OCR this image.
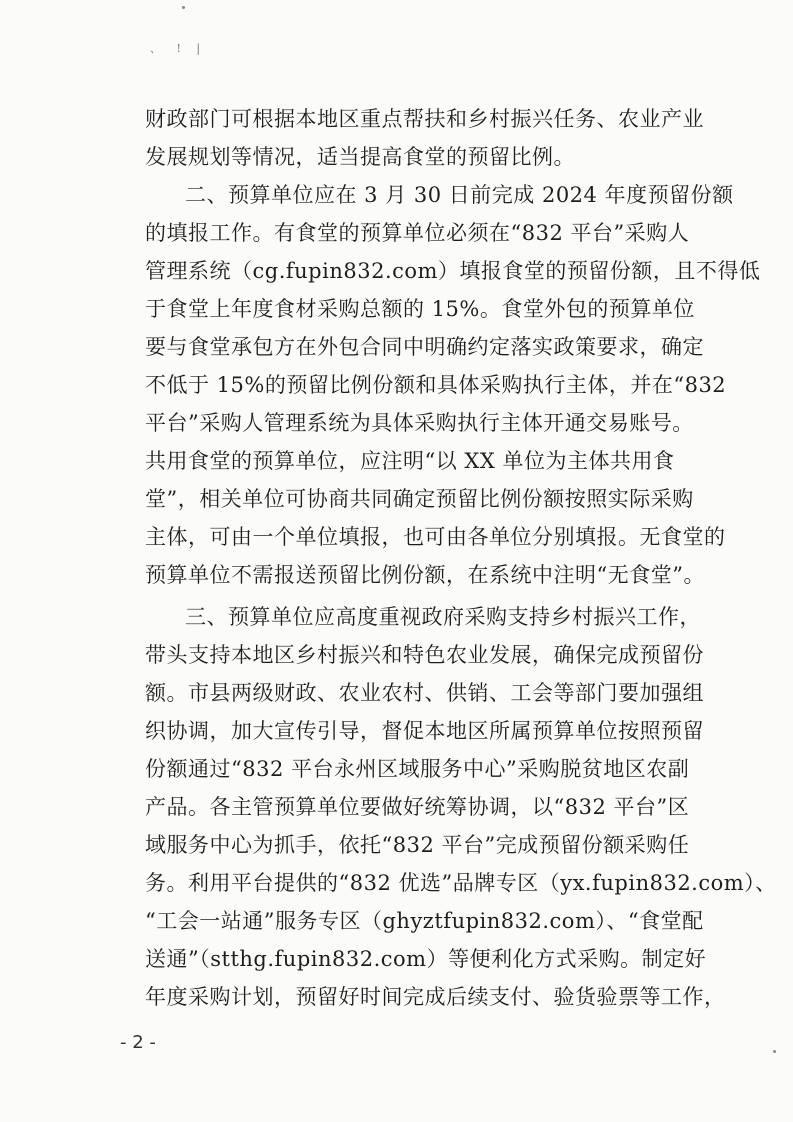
、 ! |
财政部门可根据本地区重点帮扶和乡村振兴任务、农业产业
发展规划等情况，适当提高食堂的预留比例。
二、预算单位应在 3 月 30 日前完成 2024 年度预留份额
的填报工作。有食堂的预算单位必须在“832 平台”采购人
管理系统（cg.fupin832.com）填报食堂的预留份额，且不得低
于食堂上年度食材采购总额的 15%。食堂外包的预算单位
要与食堂承包方在外包合同中明确约定落实政策要求，确定
不低于 15%的预留比例份额和具体采购执行主体，并在“832
平台”采购人管理系统为具体采购执行主体开通交易账号。
共用食堂的预算单位，应注明“以 XX 单位为主体共用食
堂”，相关单位可协商共同确定预留比例份额按照实际采购
主体，可由一个单位填报，也可由各单位分别填报。无食堂的
预算单位不需报送预留比例份额，在系统中注明“无食堂”。
三、预算单位应高度重视政府采购支持乡村振兴工作，
带头支持本地区乡村振兴和特色农业发展，确保完成预留份
额。市县两级财政、农业农村、供销、工会等部门要加强组
织协调，加大宣传引导，督促本地区所属预算单位按照预留
份额通过“832 平台永州区域服务中心”采购脱贫地区农副
产品。各主管预算单位要做好统筹协调，以“832 平台”区
域服务中心为抓手，依托“832 平台”完成预留份额采购任
务。利用平台提供的“832 优选”品牌专区（yx.fupin832.com）、
“工会一站通”服务专区（ghyztfupin832.com）、“食堂配
送通”（stthg.fupin832.com）等便利化方式采购。制定好
年度采购计划，预留好时间完成后续支付、验货验票等工作，
- 2 -
